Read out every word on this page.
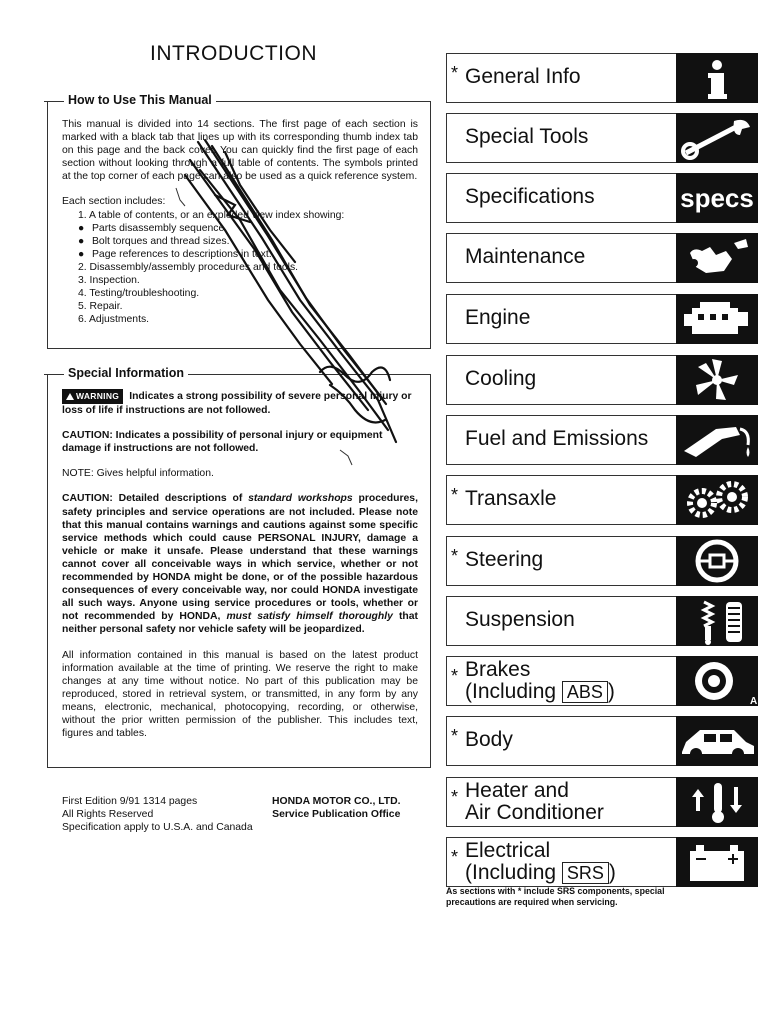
INTRODUCTION
How to Use This Manual

This manual is divided into 14 sections. The first page of each section is marked with a black tab that lines up with its corresponding thumb index tab on this page and the back cover. You can quickly find the first page of each section without looking through a full table of contents. The symbols printed at the top corner of each page can also be used as a quick reference system.

Each section includes:

1. A table of contents, or an exploded view index showing:
● Parts disassembly sequence.
● Bolt torques and thread sizes.
● Page references to descriptions in text.
2. Disassembly/assembly procedures and tools.
3. Inspection.
4. Testing/troubleshooting.
5. Repair.
6. Adjustments.
Special Information

WARNING Indicates a strong possibility of severe personal injury or loss of life if instructions are not followed.

CAUTION: Indicates a possibility of personal injury or equipment damage if instructions are not followed.

NOTE: Gives helpful information.

CAUTION: Detailed descriptions of standard workshops procedures, safety principles and service operations are not included. Please note that this manual contains warnings and cautions against some specific service methods which could cause PERSONAL INJURY, damage a vehicle or make it unsafe. Please understand that these warnings cannot cover all conceivable ways in which service, whether or not recommended by HONDA might be done, or of the possible hazardous consequences of every conceivable way, nor could HONDA investigate all such ways. Anyone using service procedures or tools, whether or not recommended by HONDA, must satisfy himself thoroughly that neither personal safety nor vehicle safety will be jeopardized.

All information contained in this manual is based on the latest product information available at the time of printing. We reserve the right to make changes at any time without notice. No part of this publication may be reproduced, stored in retrieval system, or transmitted, in any form by any means, electronic, mechanical, photocopying, recording, or otherwise, without the prior written permission of the publisher. This includes text, figures and tables.

First Edition 9/91 1314 pages
All Rights Reserved
Specification apply to U.S.A. and Canada
HONDA MOTOR CO., LTD.
Service Publication Office
* General Info
Special Tools
Specifications	specs
Maintenance
Engine
Cooling
Fuel and Emissions
* Transaxle
* Steering
Suspension
* Brakes
(Including ABS )	A
* Body
* Heater and
Air Conditioner
* Electrical
(Including SRS )
As sections with * include SRS components, special precautions are required when servicing.
